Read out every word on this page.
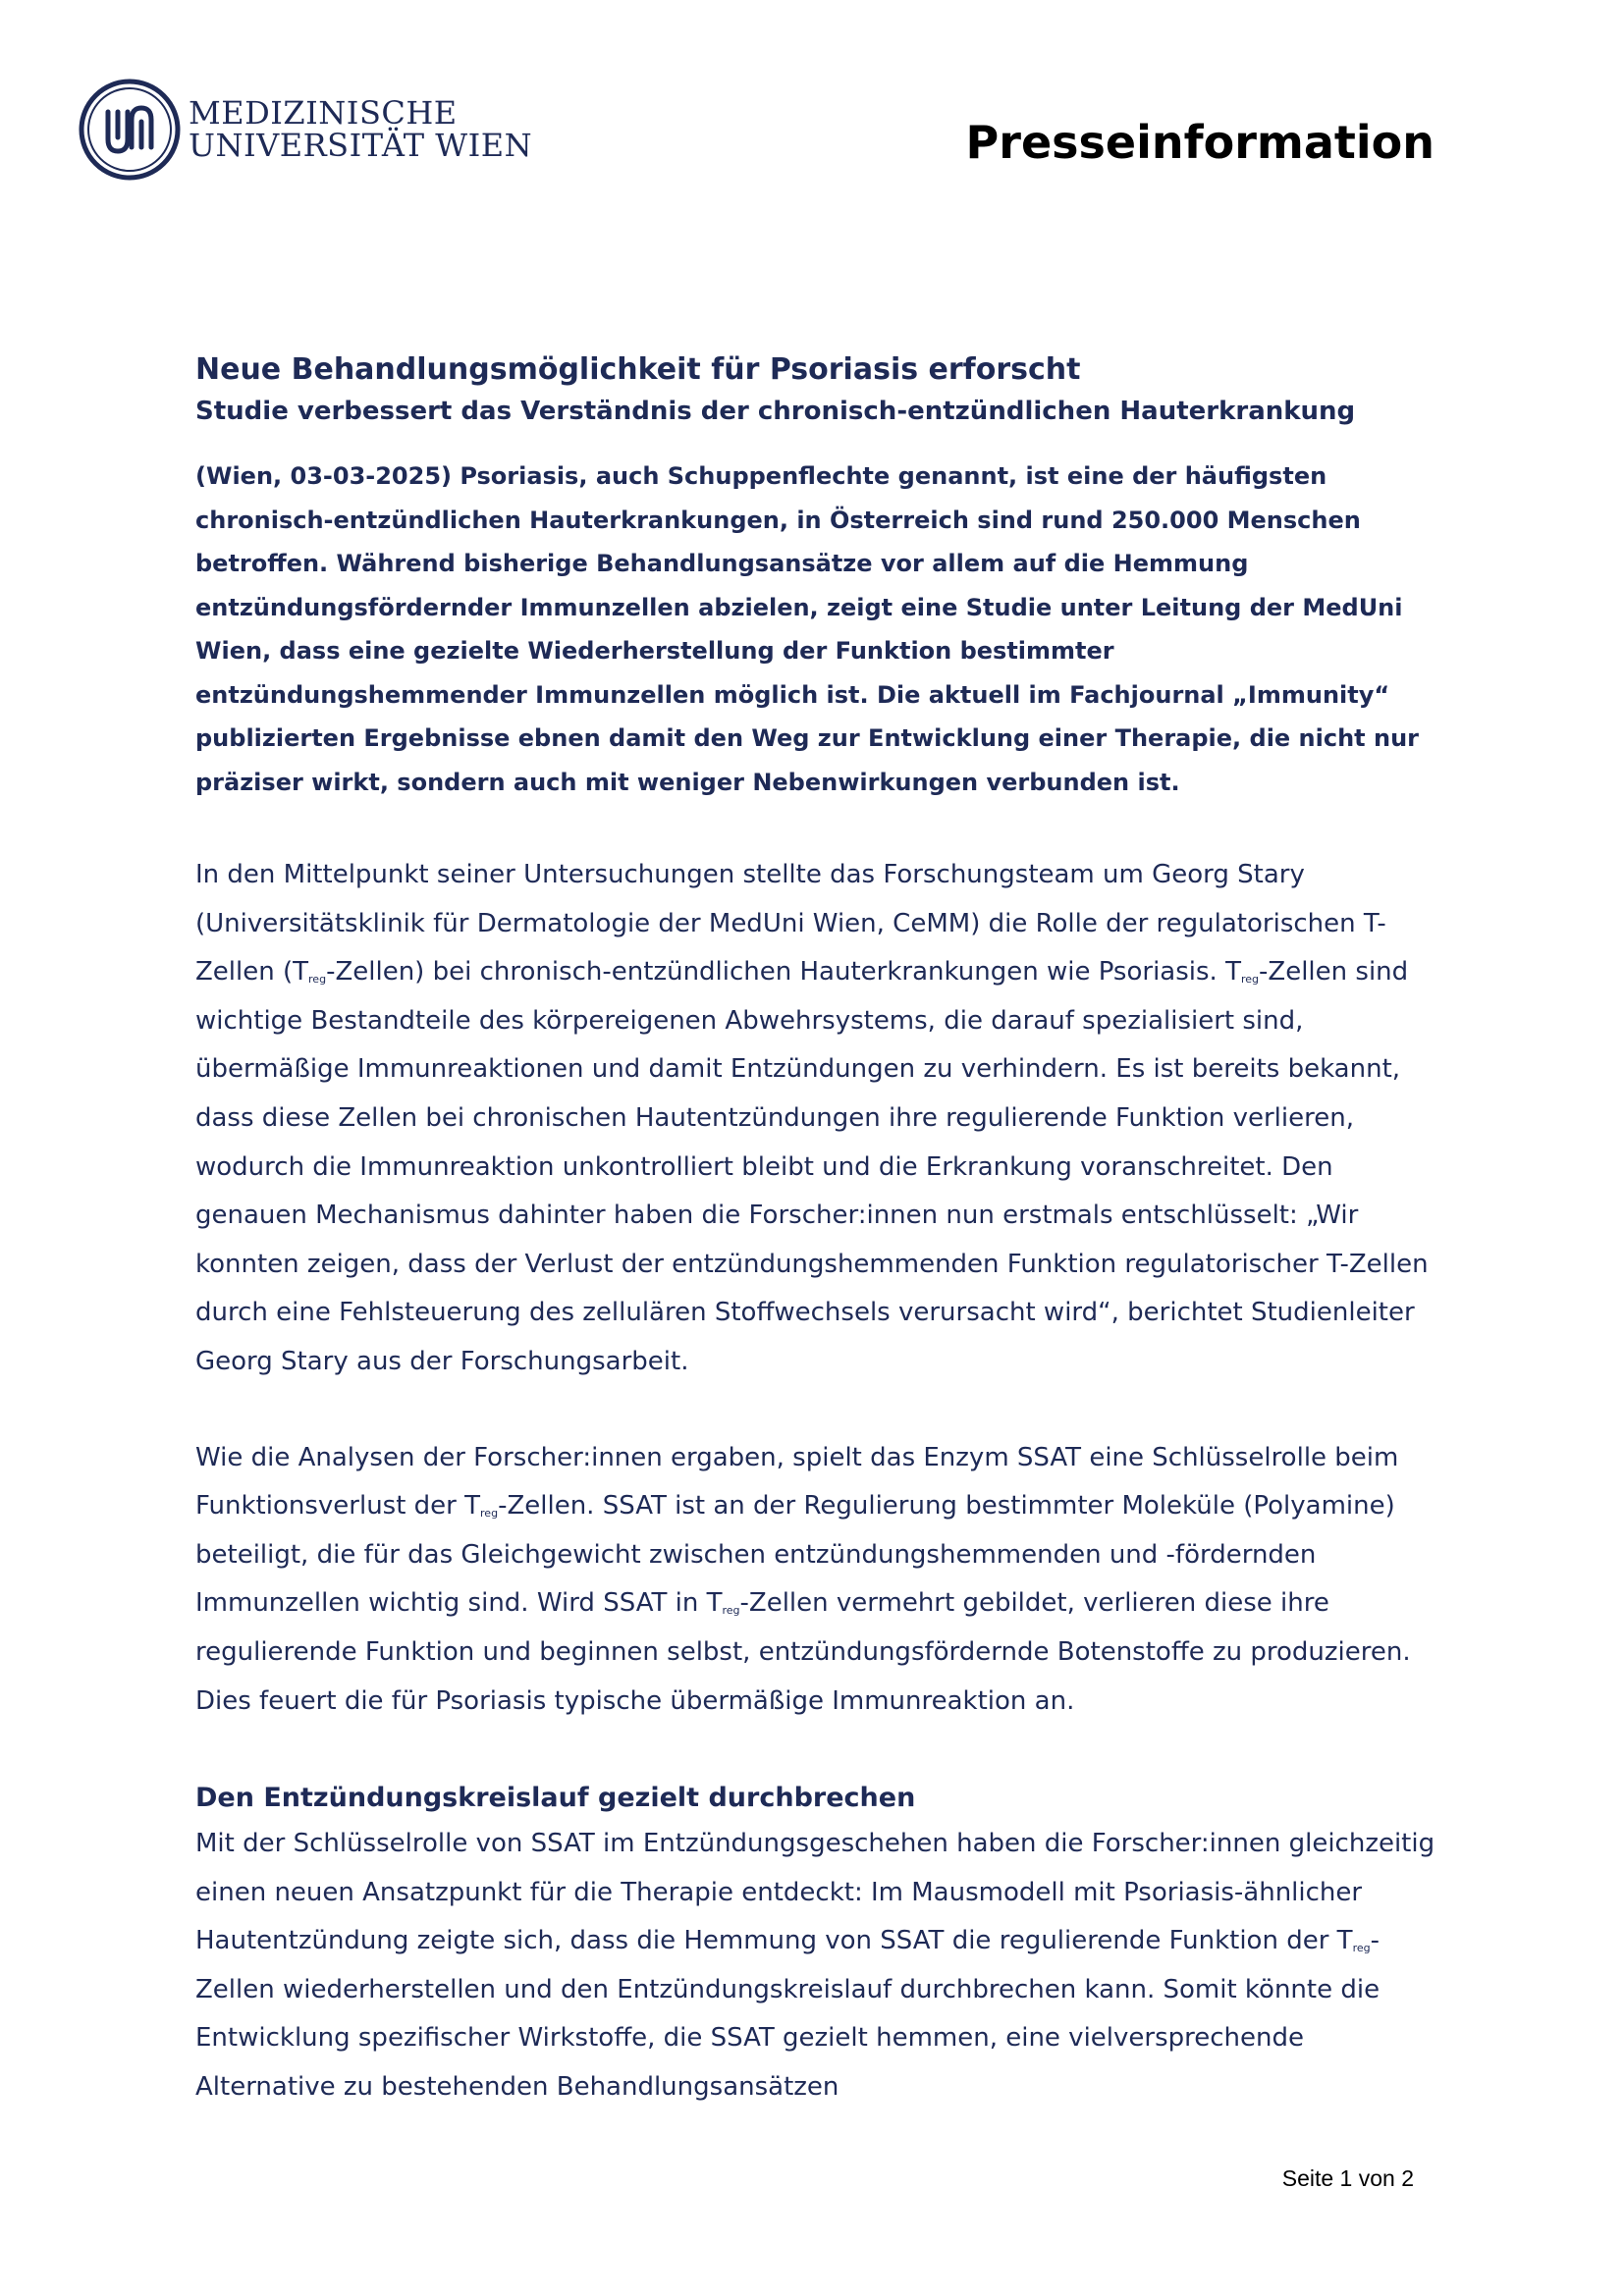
MEDIZINISCHE
UNIVERSITÄT WIEN	Presseinformation
Neue Behandlungsmöglichkeit für Psoriasis erforscht
Studie verbessert das Verständnis der chronisch-entzündlichen Hauterkrankung

(Wien, 03-03-2025) Psoriasis, auch Schuppenflechte genannt, ist eine der häufigsten chronisch-entzündlichen Hauterkrankungen, in Österreich sind rund 250.000 Menschen betroffen. Während bisherige Behandlungsansätze vor allem auf die Hemmung entzündungsfördernder Immunzellen abzielen, zeigt eine Studie unter Leitung der MedUni Wien, dass eine gezielte Wiederherstellung der Funktion bestimmter entzündungshemmender Immunzellen möglich ist. Die aktuell im Fachjournal „Immunity“ publizierten Ergebnisse ebnen damit den Weg zur Entwicklung einer Therapie, die nicht nur präziser wirkt, sondern auch mit weniger Nebenwirkungen verbunden ist.

In den Mittelpunkt seiner Untersuchungen stellte das Forschungsteam um Georg Stary (Universitätsklinik für Dermatologie der MedUni Wien, CeMM) die Rolle der regulatorischen T-Zellen $(T_{reg}-Zellen)$ bei chronisch-entzündlichen Hauterkrankungen wie Psoriasis. $T_{reg}$-Zellen sind wichtige Bestandteile des körpereigenen Abwehrsystems, die darauf spezialisiert sind, übermäßige Immunreaktionen und damit Entzündungen zu verhindern. Es ist bereits bekannt, dass diese Zellen bei chronischen Hautentzündungen ihre regulierende Funktion verlieren, wodurch die Immunreaktion unkontrolliert bleibt und die Erkrankung voranschreitet. Den genauen Mechanismus dahinter haben die Forscher:innen nun erstmals entschlüsselt: „Wir konnten zeigen, dass der Verlust der entzündungshemmenden Funktion regulatorischer T-Zellen durch eine Fehlsteuerung des zellulären Stoffwechsels verursacht wird“, berichtet Studienleiter Georg Stary aus der Forschungsarbeit.

Wie die Analysen der Forscher:innen ergaben, spielt das Enzym SSAT eine Schlüsselrolle beim Funktionsverlust der $T_{reg}$-Zellen. SSAT ist an der Regulierung bestimmter Moleküle (Polyamine) beteiligt, die für das Gleichgewicht zwischen entzündungshemmenden und -fördernden Immunzellen wichtig sind. Wird SSAT in $T_{reg}$-Zellen vermehrt gebildet, verlieren diese ihre regulierende Funktion und beginnen selbst, entzündungsfördernde Botenstoffe zu produzieren. Dies feuert die für Psoriasis typische übermäßige Immunreaktion an.

Den Entzündungskreislauf gezielt durchbrechen

Mit der Schlüsselrolle von SSAT im Entzündungsgeschehen haben die Forscher:innen gleichzeitig einen neuen Ansatzpunkt für die Therapie entdeckt: Im Mausmodell mit Psoriasis-ähnlicher Hautentzündung zeigte sich, dass die Hemmung von SSAT die regulierende Funktion der $T_{reg}$-Zellen wiederherstellen und den Entzündungskreislauf durchbrechen kann. Somit könnte die Entwicklung spezifischer Wirkstoffe, die SSAT gezielt hemmen, eine vielversprechende Alternative zu bestehenden Behandlungsansätzen

Seite 1 von 2
